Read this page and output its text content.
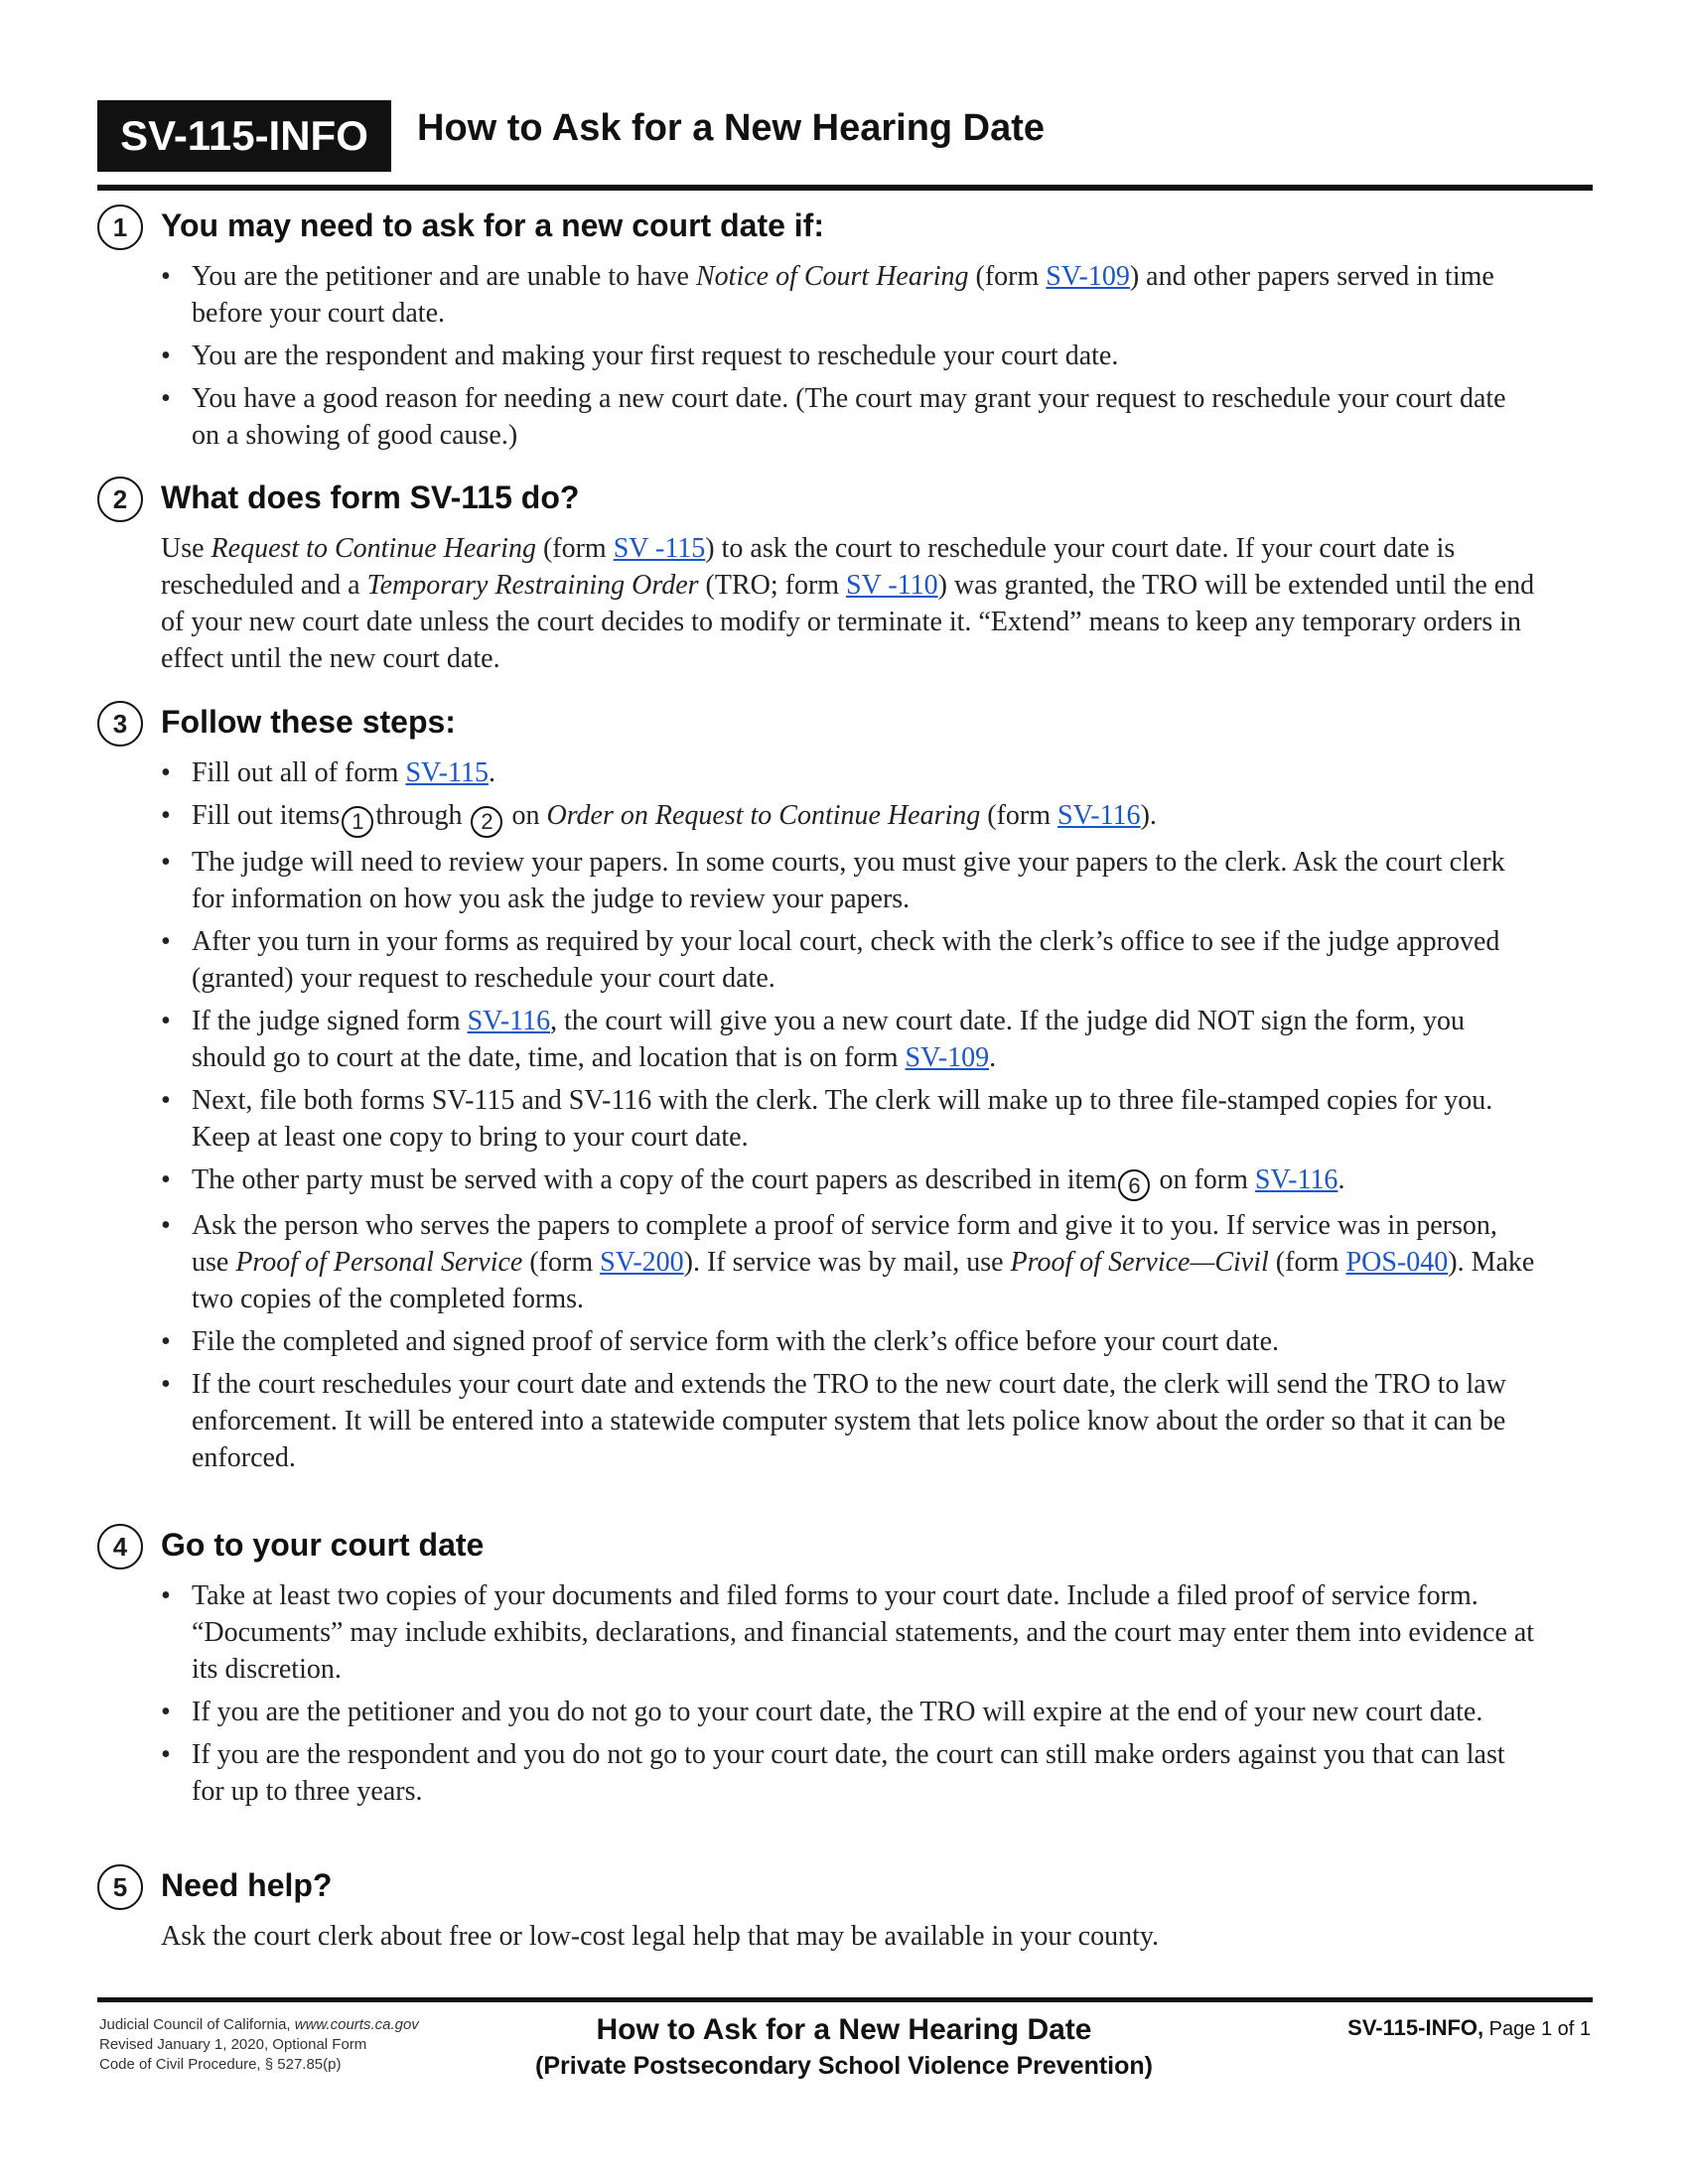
SV-115-INFO	How to Ask for a New Hearing Date
1	You may need to ask for a new court date if:
• You are the petitioner and are unable to have Notice of Court Hearing (form SV-109) and other papers served in time before your court date.
• You are the respondent and making your first request to reschedule your court date.
• You have a good reason for needing a new court date. (The court may grant your request to reschedule your court date on a showing of good cause.)
2	What does form SV-115 do?
Use Request to Continue Hearing (form SV -115) to ask the court to reschedule your court date. If your court date is rescheduled and a Temporary Restraining Order (TRO; form SV -110) was granted, the TRO will be extended until the end of your new court date unless the court decides to modify or terminate it. “Extend” means to keep any temporary orders in effect until the new court date.
3	Follow these steps:
• Fill out all of form SV-115.
• Fill out items 1 through 2 on Order on Request to Continue Hearing (form SV-116).
• The judge will need to review your papers. In some courts, you must give your papers to the clerk. Ask the court clerk for information on how you ask the judge to review your papers.
• After you turn in your forms as required by your local court, check with the clerk’s office to see if the judge approved (granted) your request to reschedule your court date.
• If the judge signed form SV-116, the court will give you a new court date. If the judge did NOT sign the form, you should go to court at the date, time, and location that is on form SV-109.
• Next, file both forms SV-115 and SV-116 with the clerk. The clerk will make up to three file-stamped copies for you. Keep at least one copy to bring to your court date.
• The other party must be served with a copy of the court papers as described in item 6 on form SV-116.
• Ask the person who serves the papers to complete a proof of service form and give it to you. If service was in person, use Proof of Personal Service (form SV-200). If service was by mail, use Proof of Service—Civil (form POS-040). Make two copies of the completed forms.
• File the completed and signed proof of service form with the clerk’s office before your court date.
• If the court reschedules your court date and extends the TRO to the new court date, the clerk will send the TRO to law enforcement. It will be entered into a statewide computer system that lets police know about the order so that it can be enforced.
4	Go to your court date
• Take at least two copies of your documents and filed forms to your court date. Include a filed proof of service form. “Documents” may include exhibits, declarations, and financial statements, and the court may enter them into evidence at its discretion.
• If you are the petitioner and you do not go to your court date, the TRO will expire at the end of your new court date.
• If you are the respondent and you do not go to your court date, the court can still make orders against you that can last for up to three years.
5	Need help?
Ask the court clerk about free or low-cost legal help that may be available in your county.
Judicial Council of California, www.courts.ca.gov
Revised January 1, 2020, Optional Form
Code of Civil Procedure, § 527.85(p)
How to Ask for a New Hearing Date
(Private Postsecondary School Violence Prevention)
SV-115-INFO, Page 1 of 1
